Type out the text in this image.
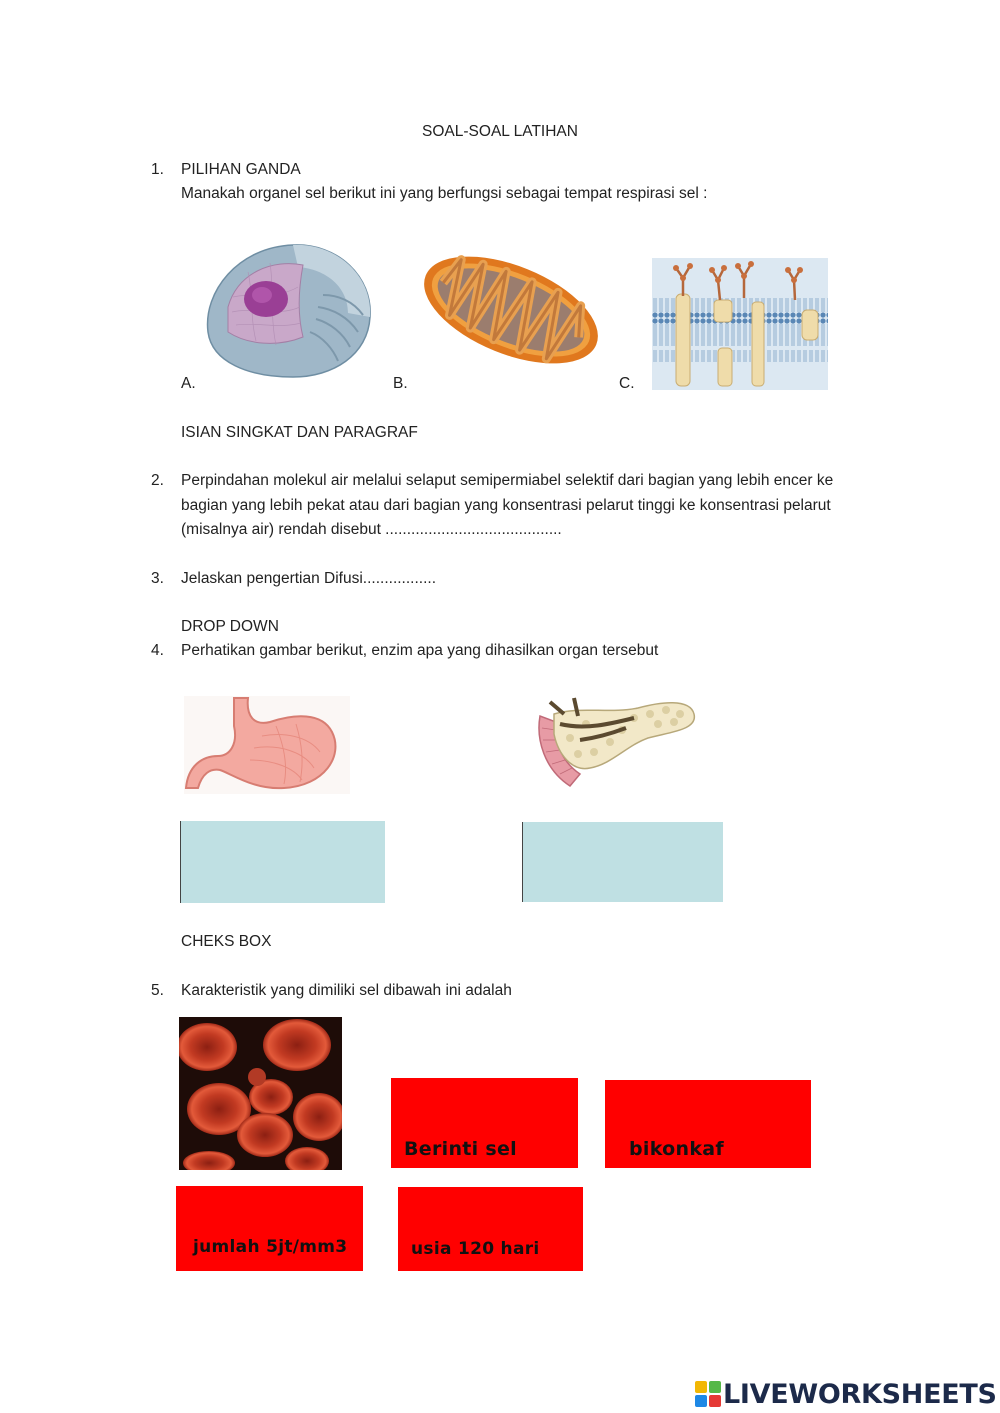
SOAL-SOAL LATIHAN
1.	PILIHAN GANDA
Manakah organel sel berikut ini yang berfungsi sebagai tempat respirasi sel :
A.	B.	C.
ISIAN SINGKAT DAN PARAGRAF
2.	Perpindahan molekul air melalui selaput semipermiabel selektif dari bagian yang lebih encer ke bagian yang lebih pekat atau dari bagian yang konsentrasi pelarut tinggi ke konsentrasi pelarut (misalnya air) rendah disebut .........................................
3.	Jelaskan pengertian Difusi.................
DROP DOWN
4.	Perhatikan gambar berikut, enzim apa yang dihasilkan organ tersebut
CHEKS BOX
5.	Karakteristik yang dimiliki sel dibawah ini adalah
Berinti sel	bikonkaf
jumlah 5jt/mm3	usia 120 hari
LIVEWORKSHEETS
